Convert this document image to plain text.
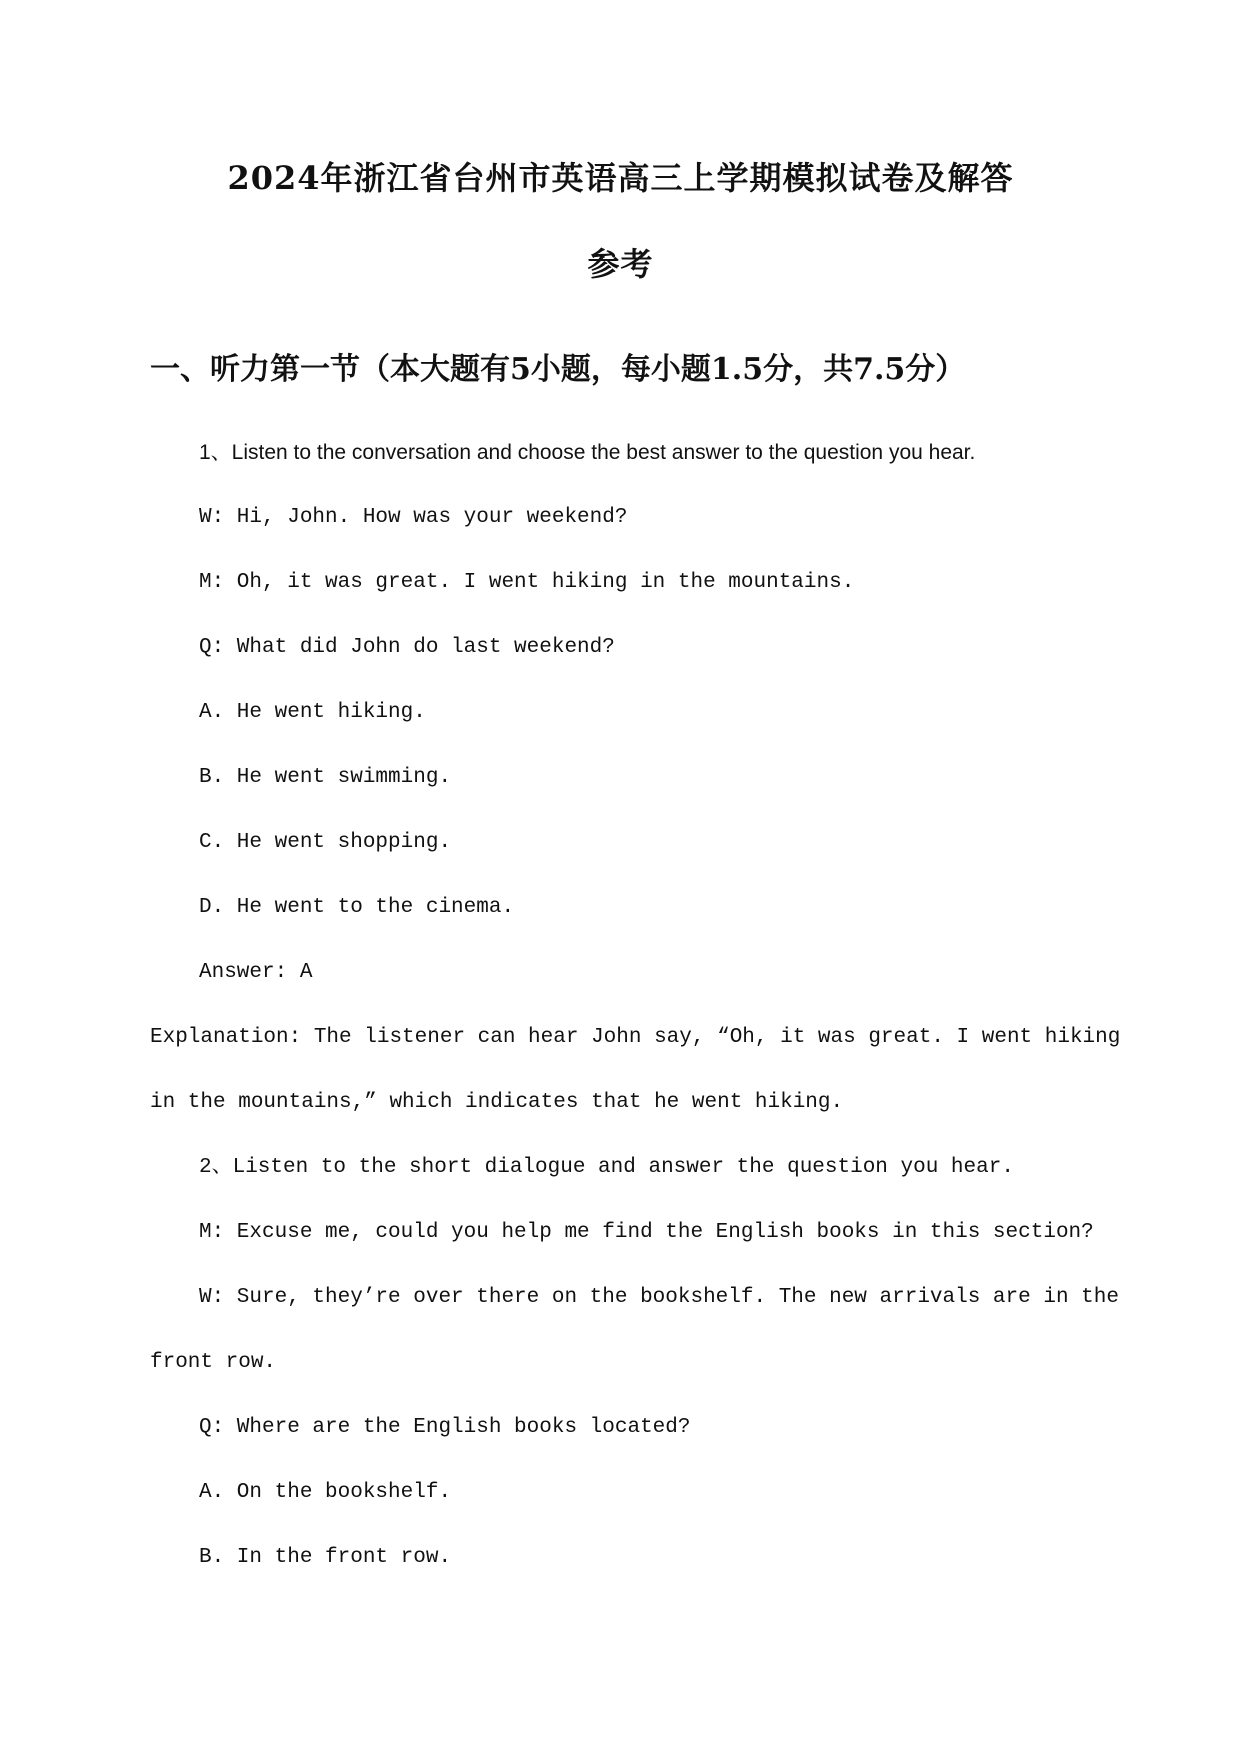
2024年浙江省台州市英语高三上学期模拟试卷及解答
参考
一、听力第一节（本大题有5小题，每小题1.5分，共7.5分）
1、Listen to the conversation and choose the best answer to the question you hear.
W: Hi, John. How was your weekend?
M: Oh, it was great. I went hiking in the mountains.
Q: What did John do last weekend?
A. He went hiking.
B. He went swimming.
C. He went shopping.
D. He went to the cinema.
Answer: A
Explanation: The listener can hear John say, “Oh, it was great. I went hiking
in the mountains,” which indicates that he went hiking.
2、Listen to the short dialogue and answer the question you hear.
M: Excuse me, could you help me find the English books in this section?
W: Sure, they’re over there on the bookshelf. The new arrivals are in the
front row.
Q: Where are the English books located?
A. On the bookshelf.
B. In the front row.
